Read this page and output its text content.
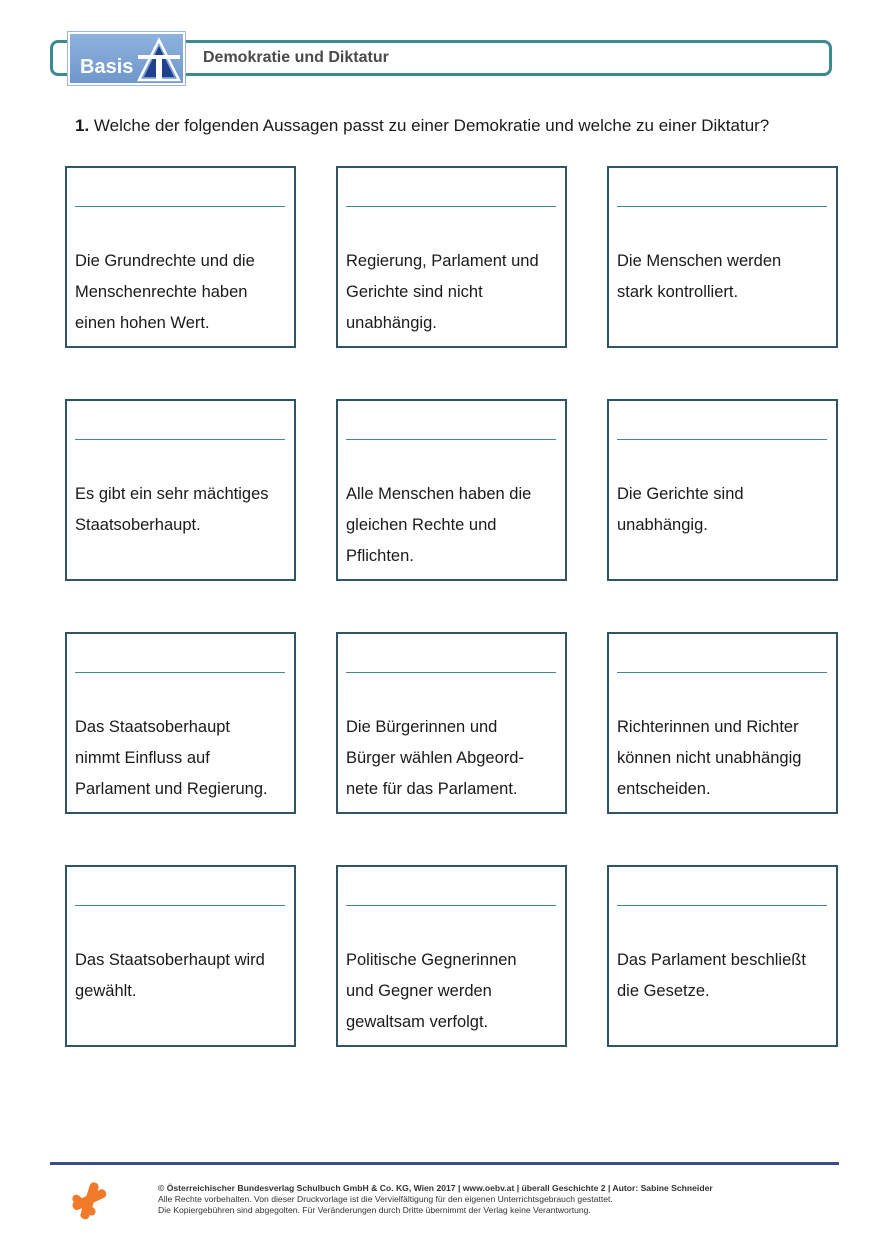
Basis	Demokratie und Diktatur
1. Welche der folgenden Aussagen passt zu einer Demokratie und welche zu einer Diktatur?
Die Grundrechte und die
Menschenrechte haben
einen hohen Wert.
Regierung, Parlament und
Gerichte sind nicht
unabhängig.
Die Menschen werden
stark kontrolliert.
Es gibt ein sehr mächtiges
Staatsoberhaupt.
Alle Menschen haben die
gleichen Rechte und
Pflichten.
Die Gerichte sind
unabhängig.
Das Staatsoberhaupt
nimmt Einfluss auf
Parlament und Regierung.
Die Bürgerinnen und
Bürger wählen Abgeord-
nete für das Parlament.
Richterinnen und Richter
können nicht unabhängig
entscheiden.
Das Staatsoberhaupt wird
gewählt.
Politische Gegnerinnen
und Gegner werden
gewaltsam verfolgt.
Das Parlament beschließt
die Gesetze.
© Österreichischer Bundesverlag Schulbuch GmbH & Co. KG, Wien 2017 | www.oebv.at | überall Geschichte 2 | Autor: Sabine Schneider
Alle Rechte vorbehalten. Von dieser Druckvorlage ist die Vervielfältigung für den eigenen Unterrichtsgebrauch gestattet.
Die Kopiergebühren sind abgegolten. Für Veränderungen durch Dritte übernimmt der Verlag keine Verantwortung.
